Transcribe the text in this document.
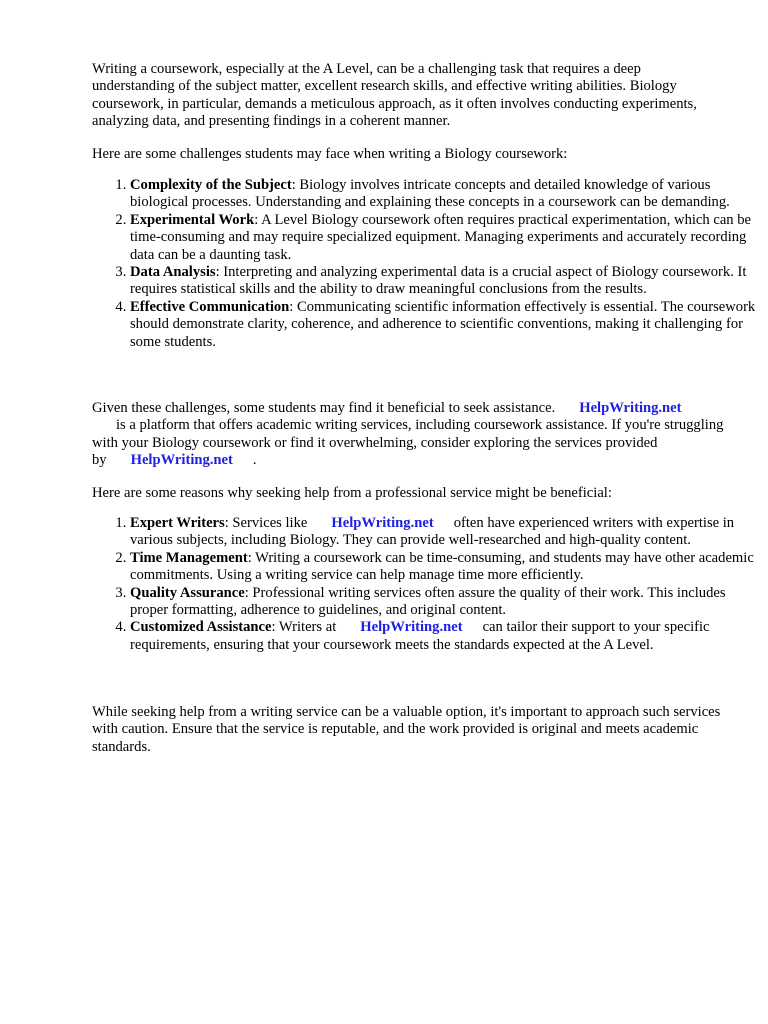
Writing a coursework, especially at the A Level, can be a challenging task that requires a deep understanding of the subject matter, excellent research skills, and effective writing abilities. Biology coursework, in particular, demands a meticulous approach, as it often involves conducting experiments, analyzing data, and presenting findings in a coherent manner.

Here are some challenges students may face when writing a Biology coursework:

1. Complexity of the Subject: Biology involves intricate concepts and detailed knowledge of various biological processes. Understanding and explaining these concepts in a coursework can be demanding.
2. Experimental Work: A Level Biology coursework often requires practical experimentation, which can be time-consuming and may require specialized equipment. Managing experiments and accurately recording data can be a daunting task.
3. Data Analysis: Interpreting and analyzing experimental data is a crucial aspect of Biology coursework. It requires statistical skills and the ability to draw meaningful conclusions from the results.
4. Effective Communication: Communicating scientific information effectively is essential. The coursework should demonstrate clarity, coherence, and adherence to scientific conventions, making it challenging for some students.

Given these challenges, some students may find it beneficial to seek assistance. HelpWriting.net
is a platform that offers academic writing services, including coursework assistance. If you're struggling with your Biology coursework or find it overwhelming, consider exploring the services provided by HelpWriting.net .

Here are some reasons why seeking help from a professional service might be beneficial:

1. Expert Writers: Services like HelpWriting.net often have experienced writers with expertise in various subjects, including Biology. They can provide well-researched and high-quality content.
2. Time Management: Writing a coursework can be time-consuming, and students may have other academic commitments. Using a writing service can help manage time more efficiently.
3. Quality Assurance: Professional writing services often assure the quality of their work. This includes proper formatting, adherence to guidelines, and original content.
4. Customized Assistance: Writers at HelpWriting.net can tailor their support to your specific requirements, ensuring that your coursework meets the standards expected at the A Level.

While seeking help from a writing service can be a valuable option, it's important to approach such services with caution. Ensure that the service is reputable, and the work provided is original and meets academic standards.
